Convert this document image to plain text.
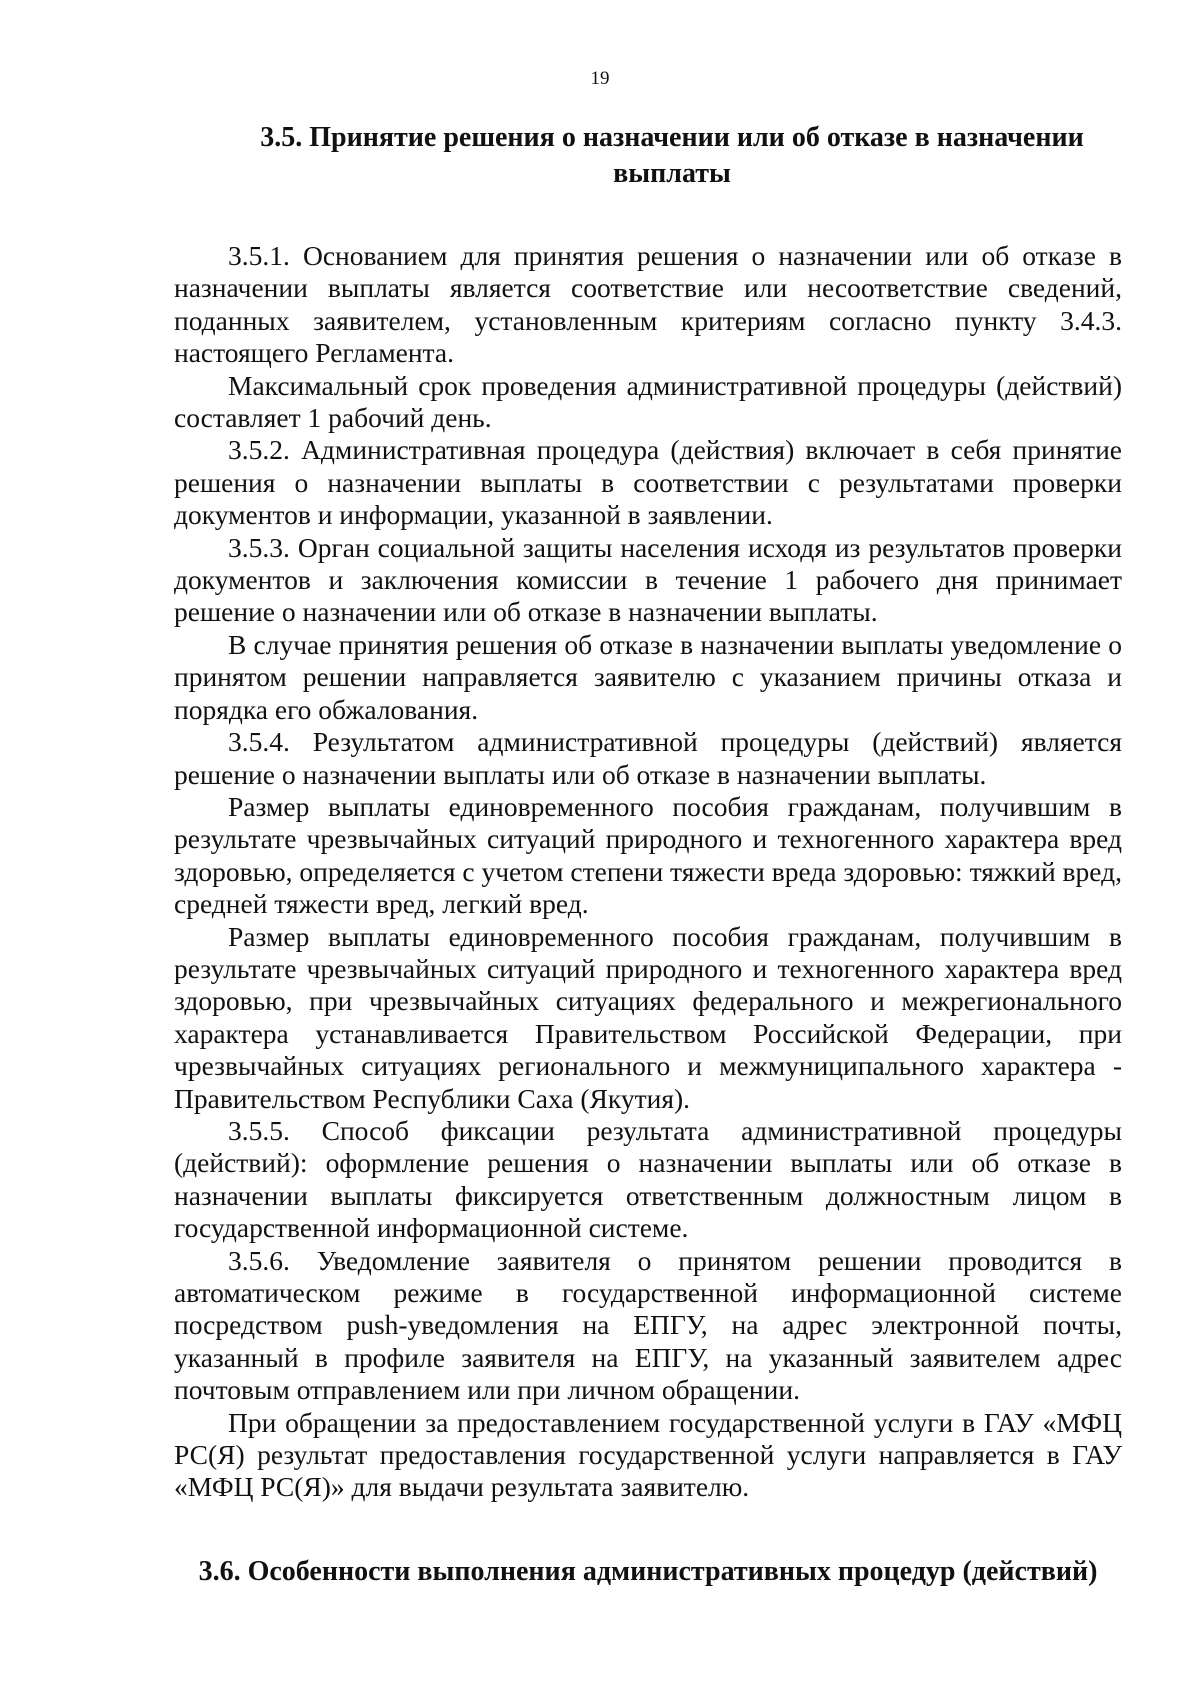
19
3.5. Принятие решения о назначении или об отказе в назначении выплаты

3.5.1. Основанием для принятия решения о назначении или об отказе в назначении выплаты является соответствие или несоответствие сведений, поданных заявителем, установленным критериям согласно пункту 3.4.3. настоящего Регламента.

Максимальный срок проведения административной процедуры (действий) составляет 1 рабочий день.

3.5.2. Административная процедура (действия) включает в себя принятие решения о назначении выплаты в соответствии с результатами проверки документов и информации, указанной в заявлении.

3.5.3. Орган социальной защиты населения исходя из результатов проверки документов и заключения комиссии в течение 1 рабочего дня принимает решение о назначении или об отказе в назначении выплаты.

В случае принятия решения об отказе в назначении выплаты уведомление о принятом решении направляется заявителю с указанием причины отказа и порядка его обжалования.

3.5.4. Результатом административной процедуры (действий) является решение о назначении выплаты или об отказе в назначении выплаты.

Размер выплаты единовременного пособия гражданам, получившим в результате чрезвычайных ситуаций природного и техногенного характера вред здоровью, определяется с учетом степени тяжести вреда здоровью: тяжкий вред, средней тяжести вред, легкий вред.

Размер выплаты единовременного пособия гражданам, получившим в результате чрезвычайных ситуаций природного и техногенного характера вред здоровью, при чрезвычайных ситуациях федерального и межрегионального характера устанавливается Правительством Российской Федерации, при чрезвычайных ситуациях регионального и межмуниципального характера - Правительством Республики Саха (Якутия).

3.5.5. Способ фиксации результата административной процедуры (действий): оформление решения о назначении выплаты или об отказе в назначении выплаты фиксируется ответственным должностным лицом в государственной информационной системе.

3.5.6. Уведомление заявителя о принятом решении проводится в автоматическом режиме в государственной информационной системе посредством push-уведомления на ЕПГУ, на адрес электронной почты, указанный в профиле заявителя на ЕПГУ, на указанный заявителем адрес почтовым отправлением или при личном обращении.

При обращении за предоставлением государственной услуги в ГАУ «МФЦ РС(Я) результат предоставления государственной услуги направляется в ГАУ «МФЦ РС(Я)» для выдачи результата заявителю.

3.6. Особенности выполнения административных процедур (действий)
